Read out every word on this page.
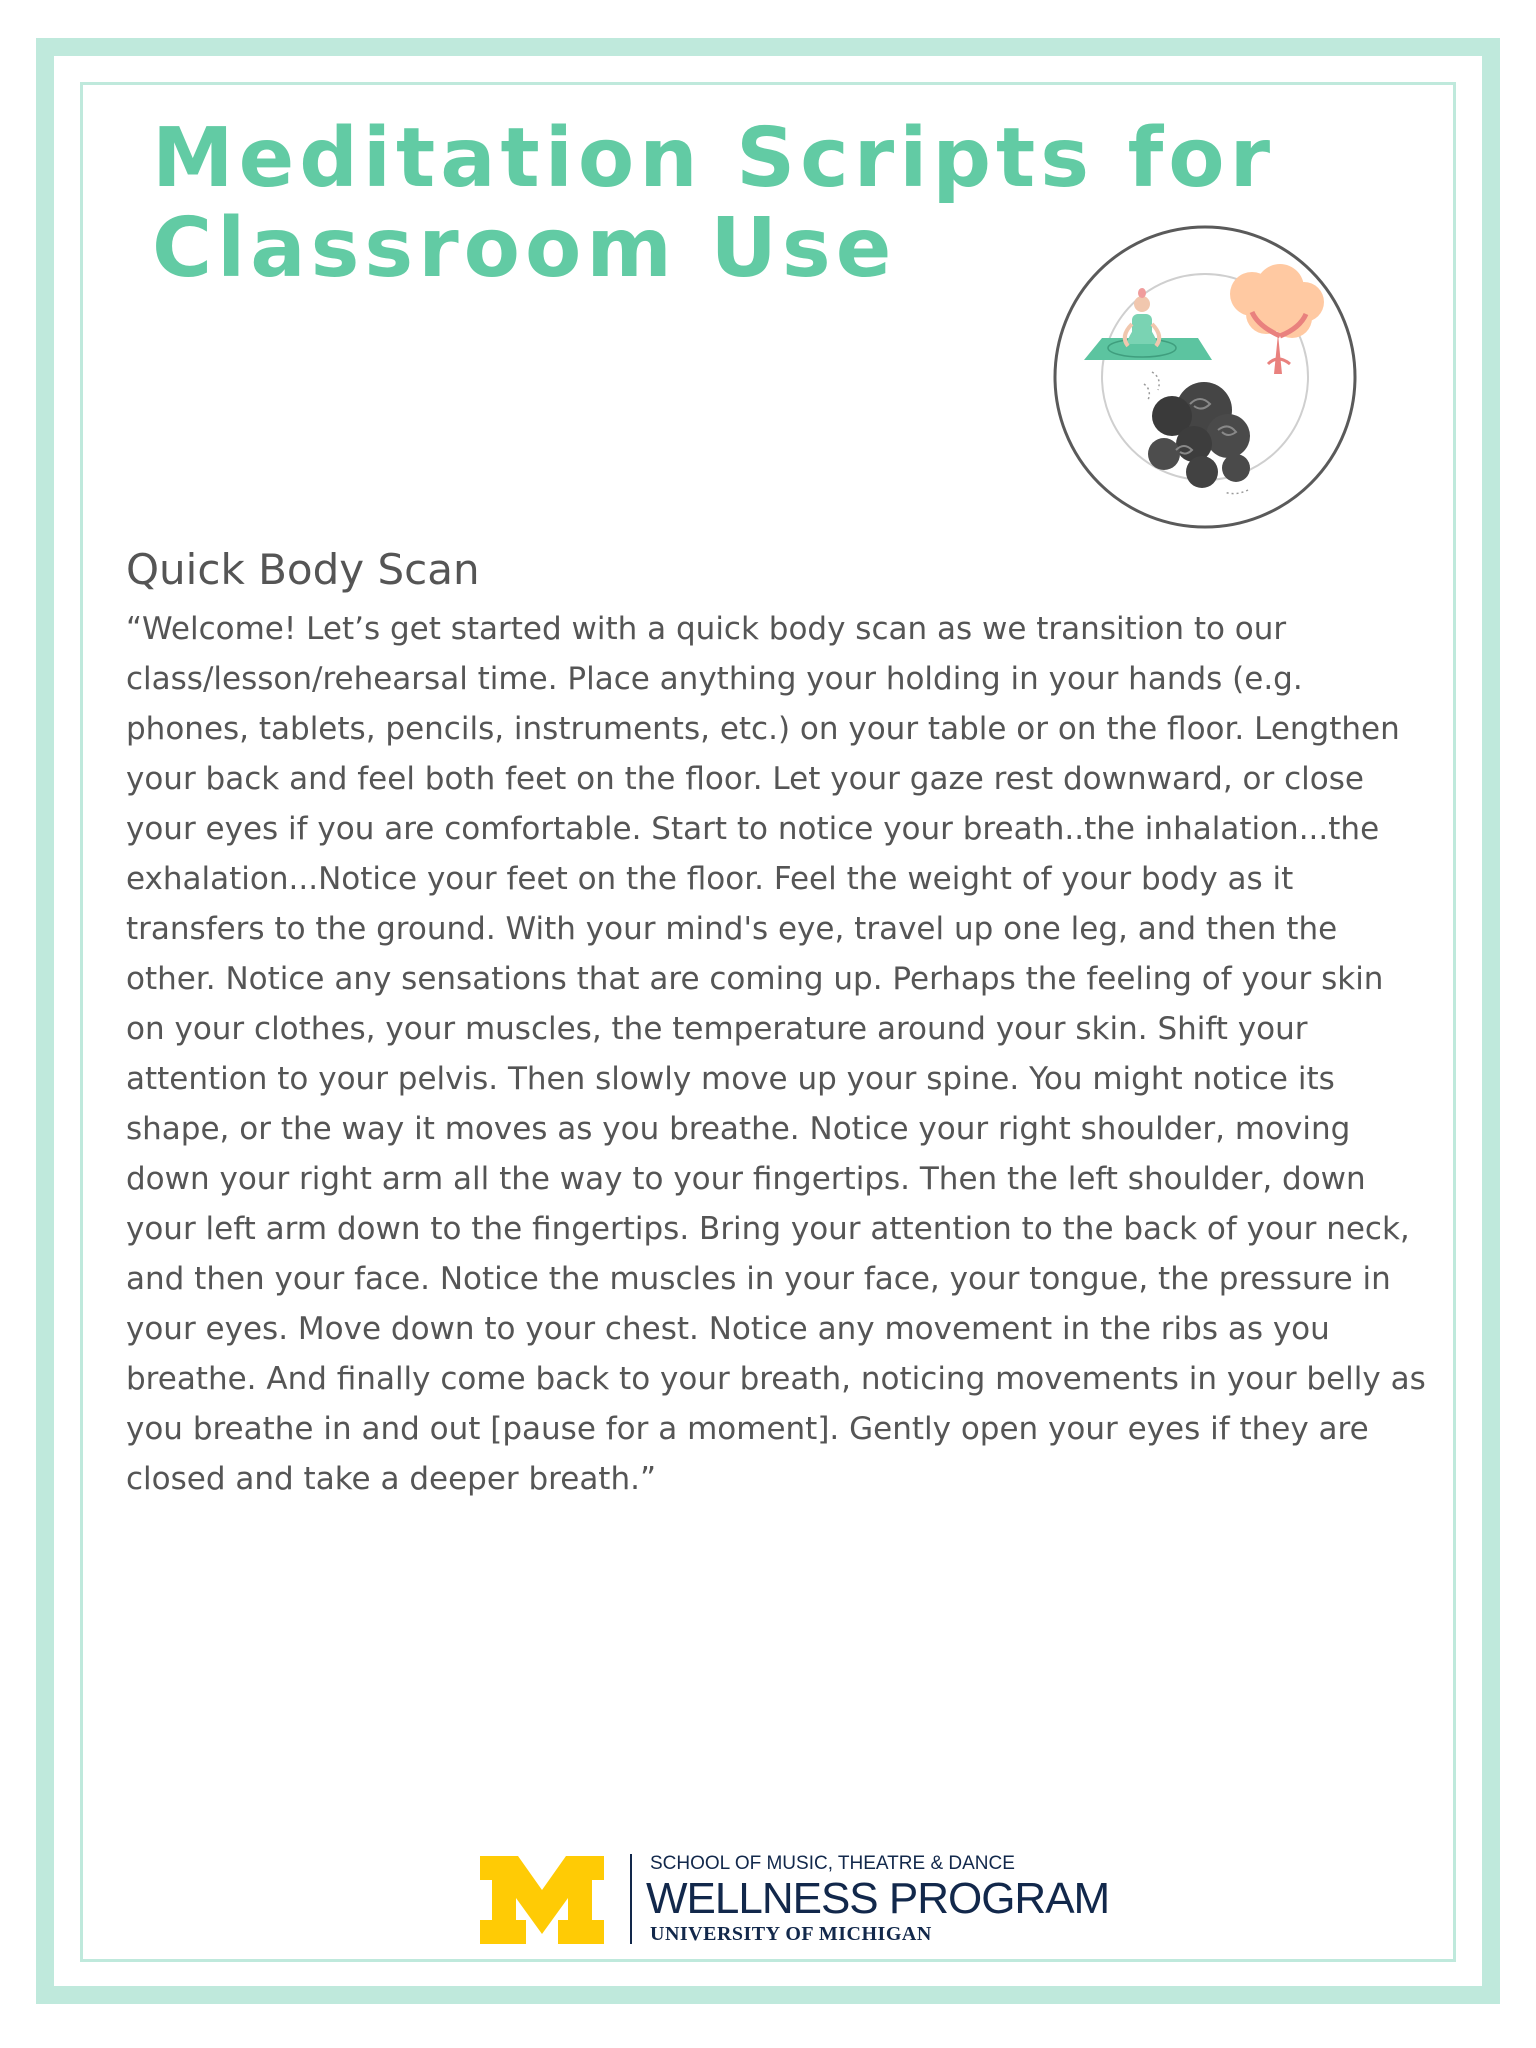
Meditation Scripts for
Classroom Use
Quick Body Scan

“Welcome! Let’s get started with a quick body scan as we transition to our class/lesson/rehearsal time. Place anything your holding in your hands (e.g. phones, tablets, pencils, instruments, etc.) on your table or on the floor. Lengthen your back and feel both feet on the floor. Let your gaze rest downward, or close your eyes if you are comfortable. Start to notice your breath..the inhalation...the exhalation...Notice your feet on the floor. Feel the weight of your body as it transfers to the ground. With your mind's eye, travel up one leg, and then the other. Notice any sensations that are coming up. Perhaps the feeling of your skin on your clothes, your muscles, the temperature around your skin. Shift your attention to your pelvis. Then slowly move up your spine. You might notice its shape, or the way it moves as you breathe. Notice your right shoulder, moving down your right arm all the way to your fingertips. Then the left shoulder, down your left arm down to the fingertips. Bring your attention to the back of your neck, and then your face. Notice the muscles in your face, your tongue, the pressure in your eyes. Move down to your chest. Notice any movement in the ribs as you breathe. And finally come back to your breath, noticing movements in your belly as you breathe in and out [pause for a moment]. Gently open your eyes if they are closed and take a deeper breath.”

SCHOOL OF MUSIC, THEATRE & DANCE
WELLNESS PROGRAM
UNIVERSITY OF MICHIGAN
